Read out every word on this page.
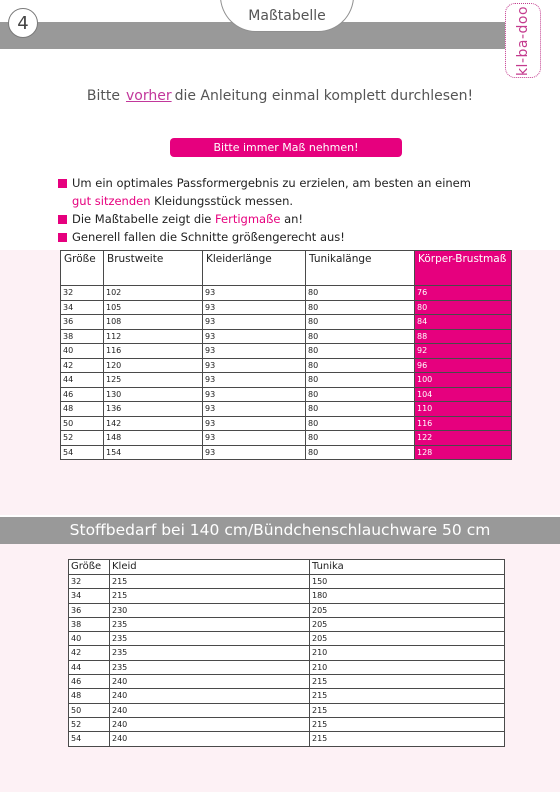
4	Maßtabelle	kl-ba-doo
Bitte vorher die Anleitung einmal komplett durchlesen!
Bitte immer Maß nehmen!
Um ein optimales Passformergebnis zu erzielen, am besten an einem
gut sitzenden Kleidungsstück messen.
Die Maßtabelle zeigt die Fertigmaße an!
Generell fallen die Schnitte größengerecht aus!
Größe	Brustweite	Kleiderlänge	Tunikalänge	Körper-Brustmaß
32	102	93	80	76
34	105	93	80	80
36	108	93	80	84
38	112	93	80	88
40	116	93	80	92
42	120	93	80	96
44	125	93	80	100
46	130	93	80	104
48	136	93	80	110
50	142	93	80	116
52	148	93	80	122
54	154	93	80	128
Stoffbedarf bei 140 cm/Bündchenschlauchware 50 cm
Größe	Kleid	Tunika
32	215	150
34	215	180
36	230	205
38	235	205
40	235	205
42	235	210
44	235	210
46	240	215
48	240	215
50	240	215
52	240	215
54	240	215
